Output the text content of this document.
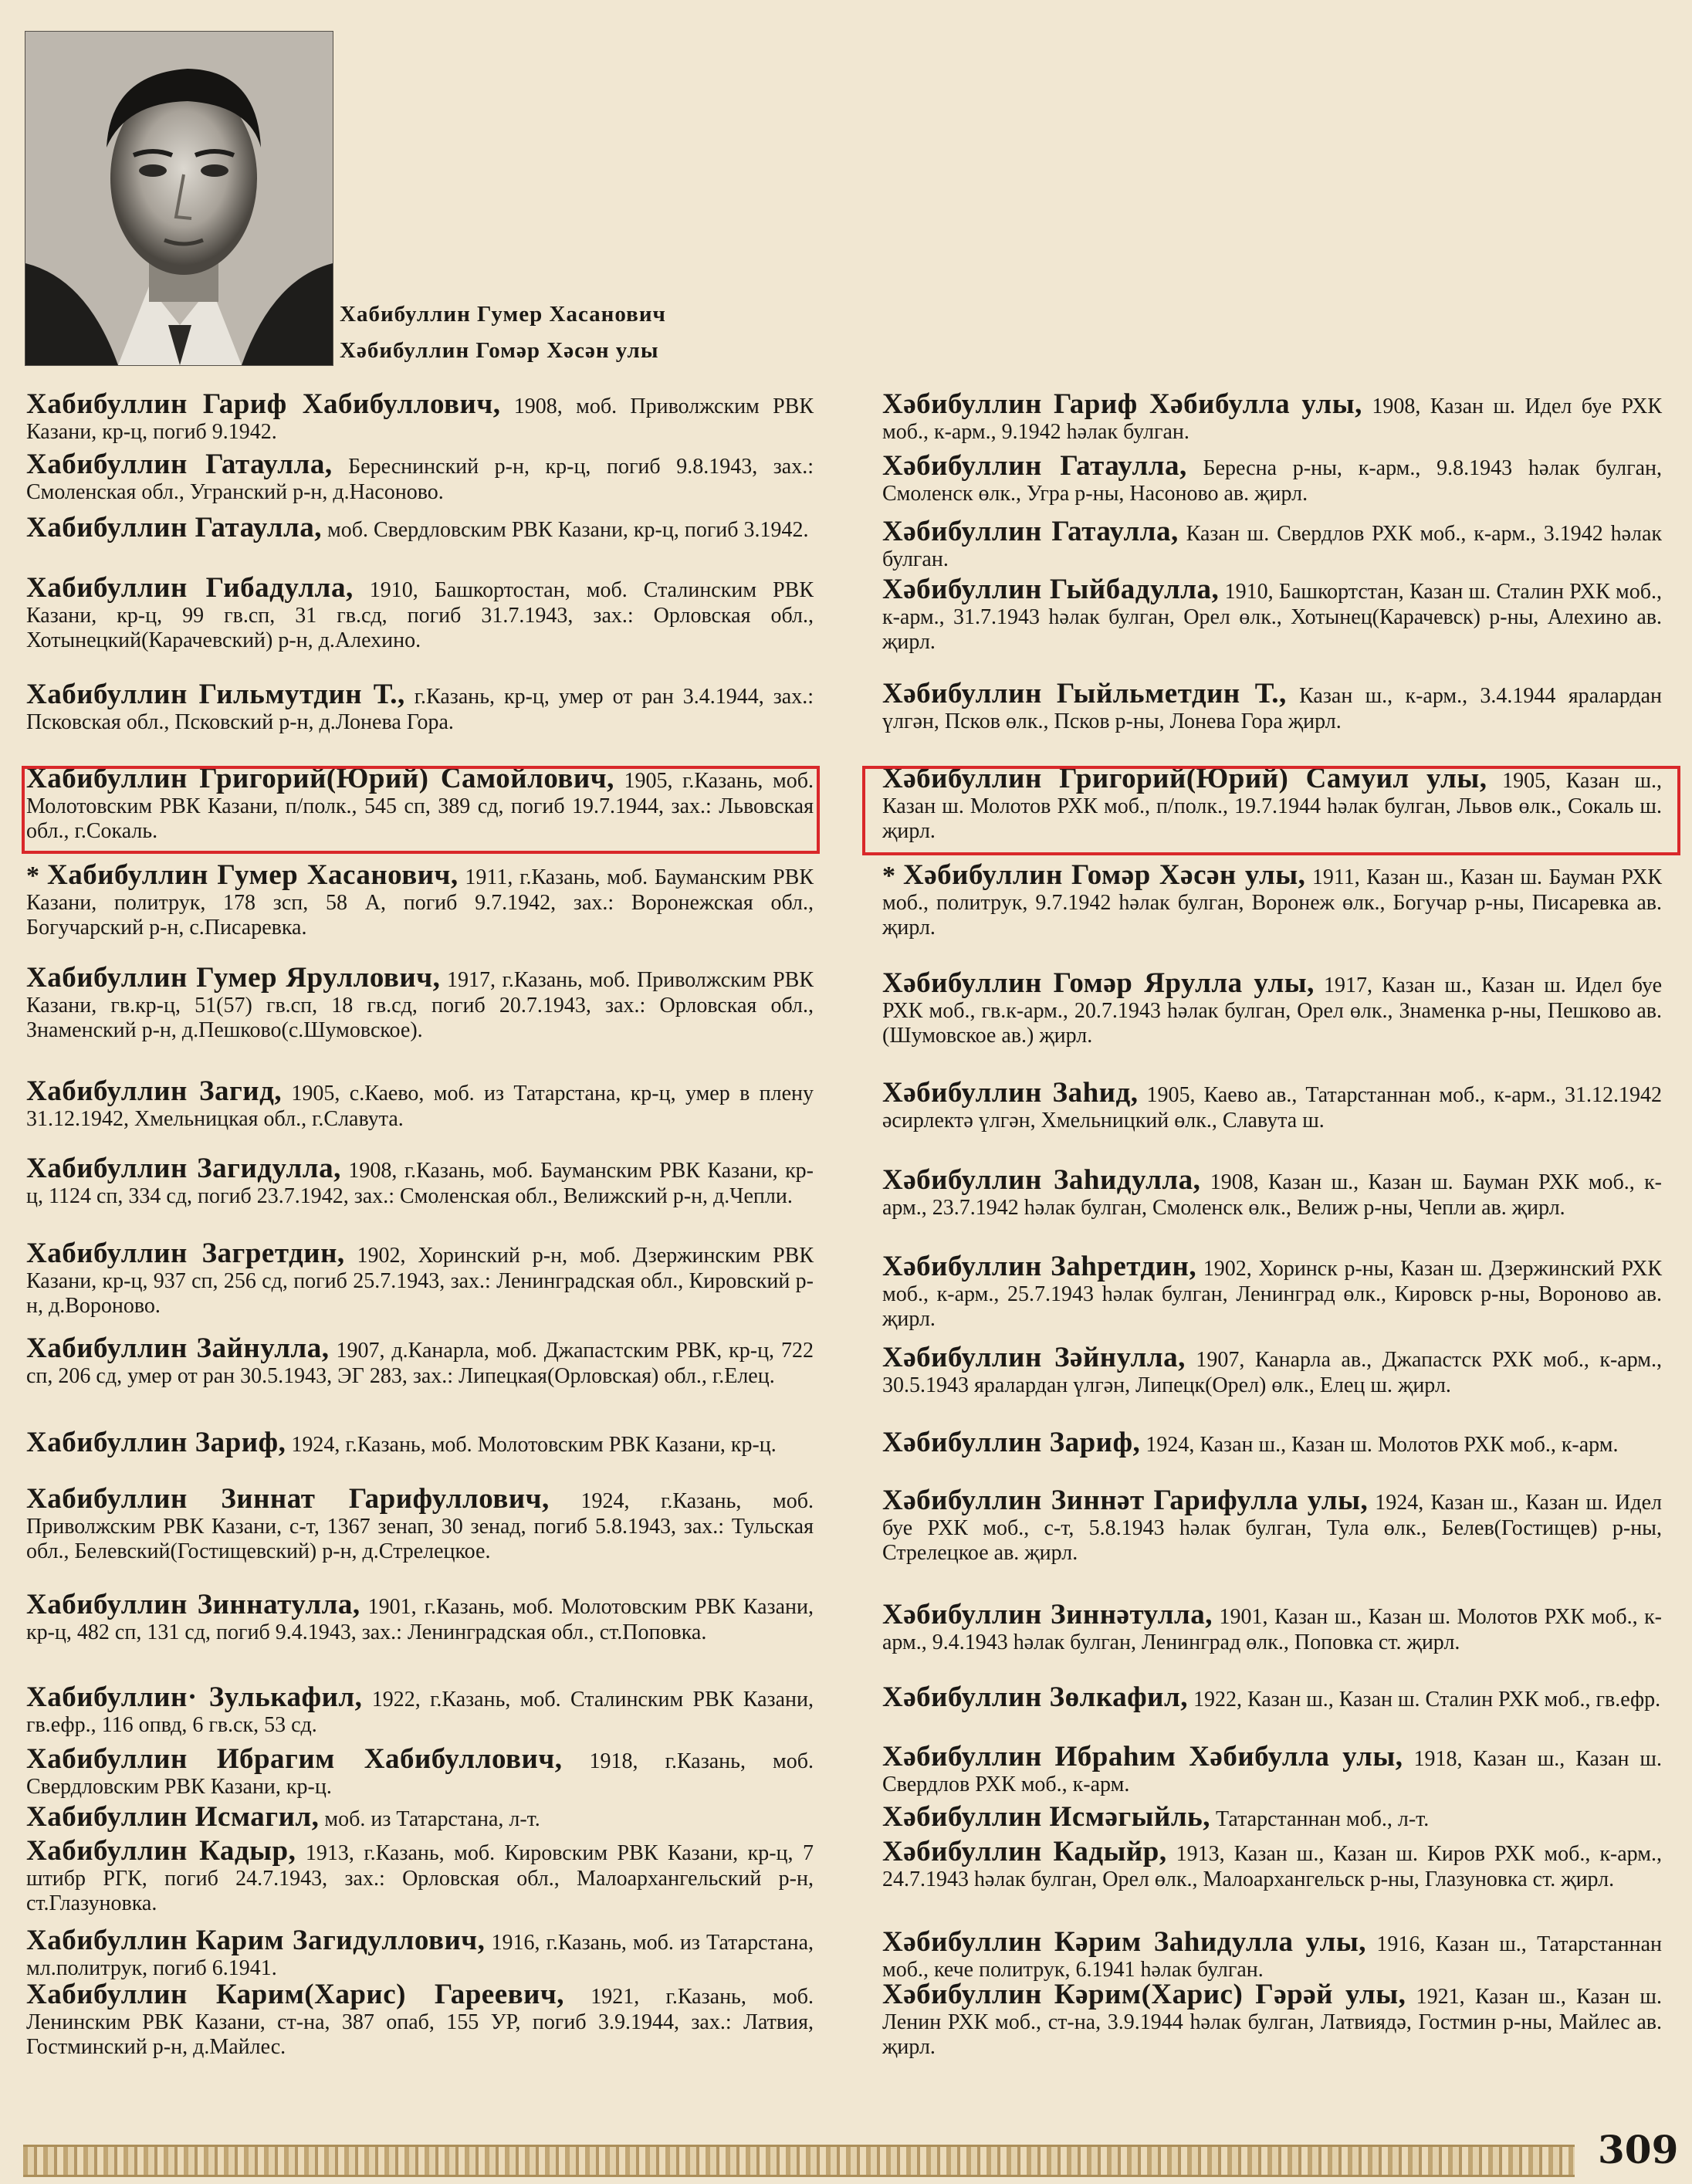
Хабибуллин Гумер Хасанович
Хәбибуллин Гомәр Хәсән улы
Хабибуллин Гариф Хабибуллович, 1908, моб. Приволжским РВК Казани, кр-ц, погиб 9.1942.
Хабибуллин Гатаулла, Береснинский р-н, кр-ц, погиб 9.8.1943, зах.: Смоленская обл., Угранский р-н, д.Насоново.
Хабибуллин Гатаулла, моб. Свердловским РВК Казани, кр-ц, погиб 3.1942.
Хабибуллин Гибадулла, 1910, Башкортостан, моб. Сталинским РВК Казани, кр-ц, 99 гв.сп, 31 гв.сд, погиб 31.7.1943, зах.: Орловская обл., Хотынецкий(Карачевский) р-н, д.Алехино.
Хабибуллин Гильмутдин Т., г.Казань, кр-ц, умер от ран 3.4.1944, зах.: Псковская обл., Псковский р-н, д.Лонева Гора.
Хабибуллин Григорий(Юрий) Самойлович, 1905, г.Казань, моб. Молотовским РВК Казани, п/полк., 545 сп, 389 сд, погиб 19.7.1944, зах.: Львовская обл., г.Сокаль.
* Хабибуллин Гумер Хасанович, 1911, г.Казань, моб. Бауманским РВК Казани, политрук, 178 зсп, 58 А, погиб 9.7.1942, зах.: Воронежская обл., Богучарский р-н, с.Писаревка.
Хабибуллин Гумер Яруллович, 1917, г.Казань, моб. Приволжским РВК Казани, гв.кр-ц, 51(57) гв.сп, 18 гв.сд, погиб 20.7.1943, зах.: Орловская обл., Знаменский р-н, д.Пешково(с.Шумовское).
Хабибуллин Загид, 1905, с.Каево, моб. из Татарстана, кр-ц, умер в плену 31.12.1942, Хмельницкая обл., г.Славута.
Хабибуллин Загидулла, 1908, г.Казань, моб. Бауманским РВК Казани, кр-ц, 1124 сп, 334 сд, погиб 23.7.1942, зах.: Смоленская обл., Велижский р-н, д.Чепли.
Хабибуллин Загретдин, 1902, Хоринский р-н, моб. Дзержинским РВК Казани, кр-ц, 937 сп, 256 сд, погиб 25.7.1943, зах.: Ленинградская обл., Кировский р-н, д.Вороново.
Хабибуллин Зайнулла, 1907, д.Канарла, моб. Джапастским РВК, кр-ц, 722 сп, 206 сд, умер от ран 30.5.1943, ЭГ 283, зах.: Липецкая(Орловская) обл., г.Елец.
Хабибуллин Зариф, 1924, г.Казань, моб. Молотовским РВК Казани, кр-ц.
Хабибуллин Зиннат Гарифуллович, 1924, г.Казань, моб. Приволжским РВК Казани, с-т, 1367 зенап, 30 зенад, погиб 5.8.1943, зах.: Тульская обл., Белевский(Гостищевский) р-н, д.Стрелецкое.
Хабибуллин Зиннатулла, 1901, г.Казань, моб. Молотовским РВК Казани, кр-ц, 482 сп, 131 сд, погиб 9.4.1943, зах.: Ленинградская обл., ст.Поповка.
Хабибуллин· Зулькафил, 1922, г.Казань, моб. Сталинским РВК Казани, гв.ефр., 116 опвд, 6 гв.ск, 53 сд.
Хабибуллин Ибрагим Хабибуллович, 1918, г.Казань, моб. Свердловским РВК Казани, кр-ц.
Хабибуллин Исмагил, моб. из Татарстана, л-т.
Хабибуллин Кадыр, 1913, г.Казань, моб. Кировским РВК Казани, кр-ц, 7 штибр РГК, погиб 24.7.1943, зах.: Орловская обл., Малоархангельский р-н, ст.Глазуновка.
Хабибуллин Карим Загидуллович, 1916, г.Казань, моб. из Татарстана, мл.политрук, погиб 6.1941.
Хабибуллин Карим(Харис) Гареевич, 1921, г.Казань, моб. Ленинским РВК Казани, ст-на, 387 опаб, 155 УР, погиб 3.9.1944, зах.: Латвия, Гостминский р-н, д.Майлес.
Хәбибуллин Гариф Хәбибулла улы, 1908, Казан ш. Идел буе РХК моб., к-арм., 9.1942 һәлак булган.
Хәбибуллин Гатаулла, Бересна р-ны, к-арм., 9.8.1943 һәлак булган, Смоленск өлк., Угра р-ны, Насоново ав. җирл.
Хәбибуллин Гатаулла, Казан ш. Свердлов РХК моб., к-арм., 3.1942 һәлак булган.
Хәбибуллин Гыйбадулла, 1910, Башкортстан, Казан ш. Сталин РХК моб., к-арм., 31.7.1943 һәлак булган, Орел өлк., Хотынец(Карачевск) р-ны, Алехино ав. җирл.
Хәбибуллин Гыйльметдин Т., Казан ш., к-арм., 3.4.1944 яралардан үлгән, Псков өлк., Псков р-ны, Лонева Гора җирл.
Хәбибуллин Григорий(Юрий) Самуил улы, 1905, Казан ш., Казан ш. Молотов РХК моб., п/полк., 19.7.1944 һәлак булган, Львов өлк., Сокаль ш. җирл.
* Хәбибуллин Гомәр Хәсән улы, 1911, Казан ш., Казан ш. Бауман РХК моб., политрук, 9.7.1942 һәлак булган, Воронеж өлк., Богучар р-ны, Писаревка ав. җирл.
Хәбибуллин Гомәр Ярулла улы, 1917, Казан ш., Казан ш. Идел буе РХК моб., гв.к-арм., 20.7.1943 һәлак булган, Орел өлк., Знаменка р-ны, Пешково ав.(Шумовское ав.) җирл.
Хәбибуллин Заһид, 1905, Каево ав., Татарстаннан моб., к-арм., 31.12.1942 әсирлектә үлгән, Хмельницкий өлк., Славута ш.
Хәбибуллин Заһидулла, 1908, Казан ш., Казан ш. Бауман РХК моб., к-арм., 23.7.1942 һәлак булган, Смоленск өлк., Велиж р-ны, Чепли ав. җирл.
Хәбибуллин Заһретдин, 1902, Хоринск р-ны, Казан ш. Дзержинский РХК моб., к-арм., 25.7.1943 һәлак булган, Ленинград өлк., Кировск р-ны, Вороново ав. җирл.
Хәбибуллин Зәйнулла, 1907, Канарла ав., Джапастск РХК моб., к-арм., 30.5.1943 яралардан үлгән, Липецк(Орел) өлк., Елец ш. җирл.
Хәбибуллин Зариф, 1924, Казан ш., Казан ш. Молотов РХК моб., к-арм.
Хәбибуллин Зиннәт Гарифулла улы, 1924, Казан ш., Казан ш. Идел буе РХК моб., с-т, 5.8.1943 һәлак булган, Тула өлк., Белев(Гостищев) р-ны, Стрелецкое ав. җирл.
Хәбибуллин Зиннәтулла, 1901, Казан ш., Казан ш. Молотов РХК моб., к-арм., 9.4.1943 һәлак булган, Ленинград өлк., Поповка ст. җирл.
Хәбибуллин Зөлкафил, 1922, Казан ш., Казан ш. Сталин РХК моб., гв.ефр.
Хәбибуллин Ибраһим Хәбибулла улы, 1918, Казан ш., Казан ш. Свердлов РХК моб., к-арм.
Хәбибуллин Исмәгыйль, Татарстаннан моб., л-т.
Хәбибуллин Кадыйр, 1913, Казан ш., Казан ш. Киров РХК моб., к-арм., 24.7.1943 һәлак булган, Орел өлк., Малоархангельск р-ны, Глазуновка ст. җирл.
Хәбибуллин Кәрим Заһидулла улы, 1916, Казан ш., Татарстаннан моб., кече политрук, 6.1941 һәлак булган.
Хәбибуллин Кәрим(Харис) Гәрәй улы, 1921, Казан ш., Казан ш. Ленин РХК моб., ст-на, 3.9.1944 һәлак булган, Латвиядә, Гостмин р-ны, Майлес ав. җирл.
309
